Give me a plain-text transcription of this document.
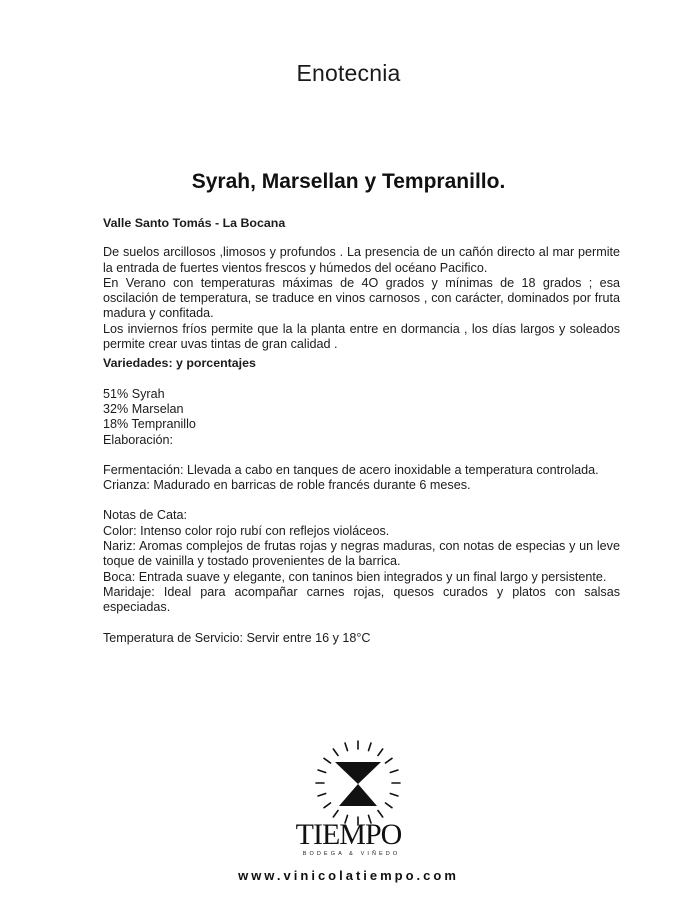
Enotecnia
Syrah, Marsellan y Tempranillo.

Valle Santo Tomás - La Bocana

De suelos arcillosos ,limosos y profundos . La presencia de un cañón directo al mar permite la entrada de fuertes vientos frescos y húmedos del océano Pacifico.

En Verano con temperaturas máximas de 4O grados y mínimas de 18 grados ; esa oscilación de temperatura, se traduce en vinos carnosos , con carácter, dominados por fruta madura y confitada.

Los inviernos fríos permite que la la planta entre en dormancia , los días largos y soleados permite crear uvas tintas de gran calidad .

Variedades: y porcentajes

51% Syrah

32% Marselan

18% Tempranillo

Elaboración:

Fermentación: Llevada a cabo en tanques de acero inoxidable a temperatura controlada.

Crianza: Madurado en barricas de roble francés durante 6 meses.

Notas de Cata:

Color: Intenso color rojo rubí con reflejos violáceos.

Nariz: Aromas complejos de frutas rojas y negras maduras, con notas de especias y un leve toque de vainilla y tostado provenientes de la barrica.

Boca: Entrada suave y elegante, con taninos bien integrados y un final largo y persistente.

Maridaje: Ideal para acompañar carnes rojas, quesos curados y platos con salsas especiadas.

Temperatura de Servicio: Servir entre 16 y 18°C

TIEMPO
BODEGA & VIÑEDO
www.vinicolatiempo.com
